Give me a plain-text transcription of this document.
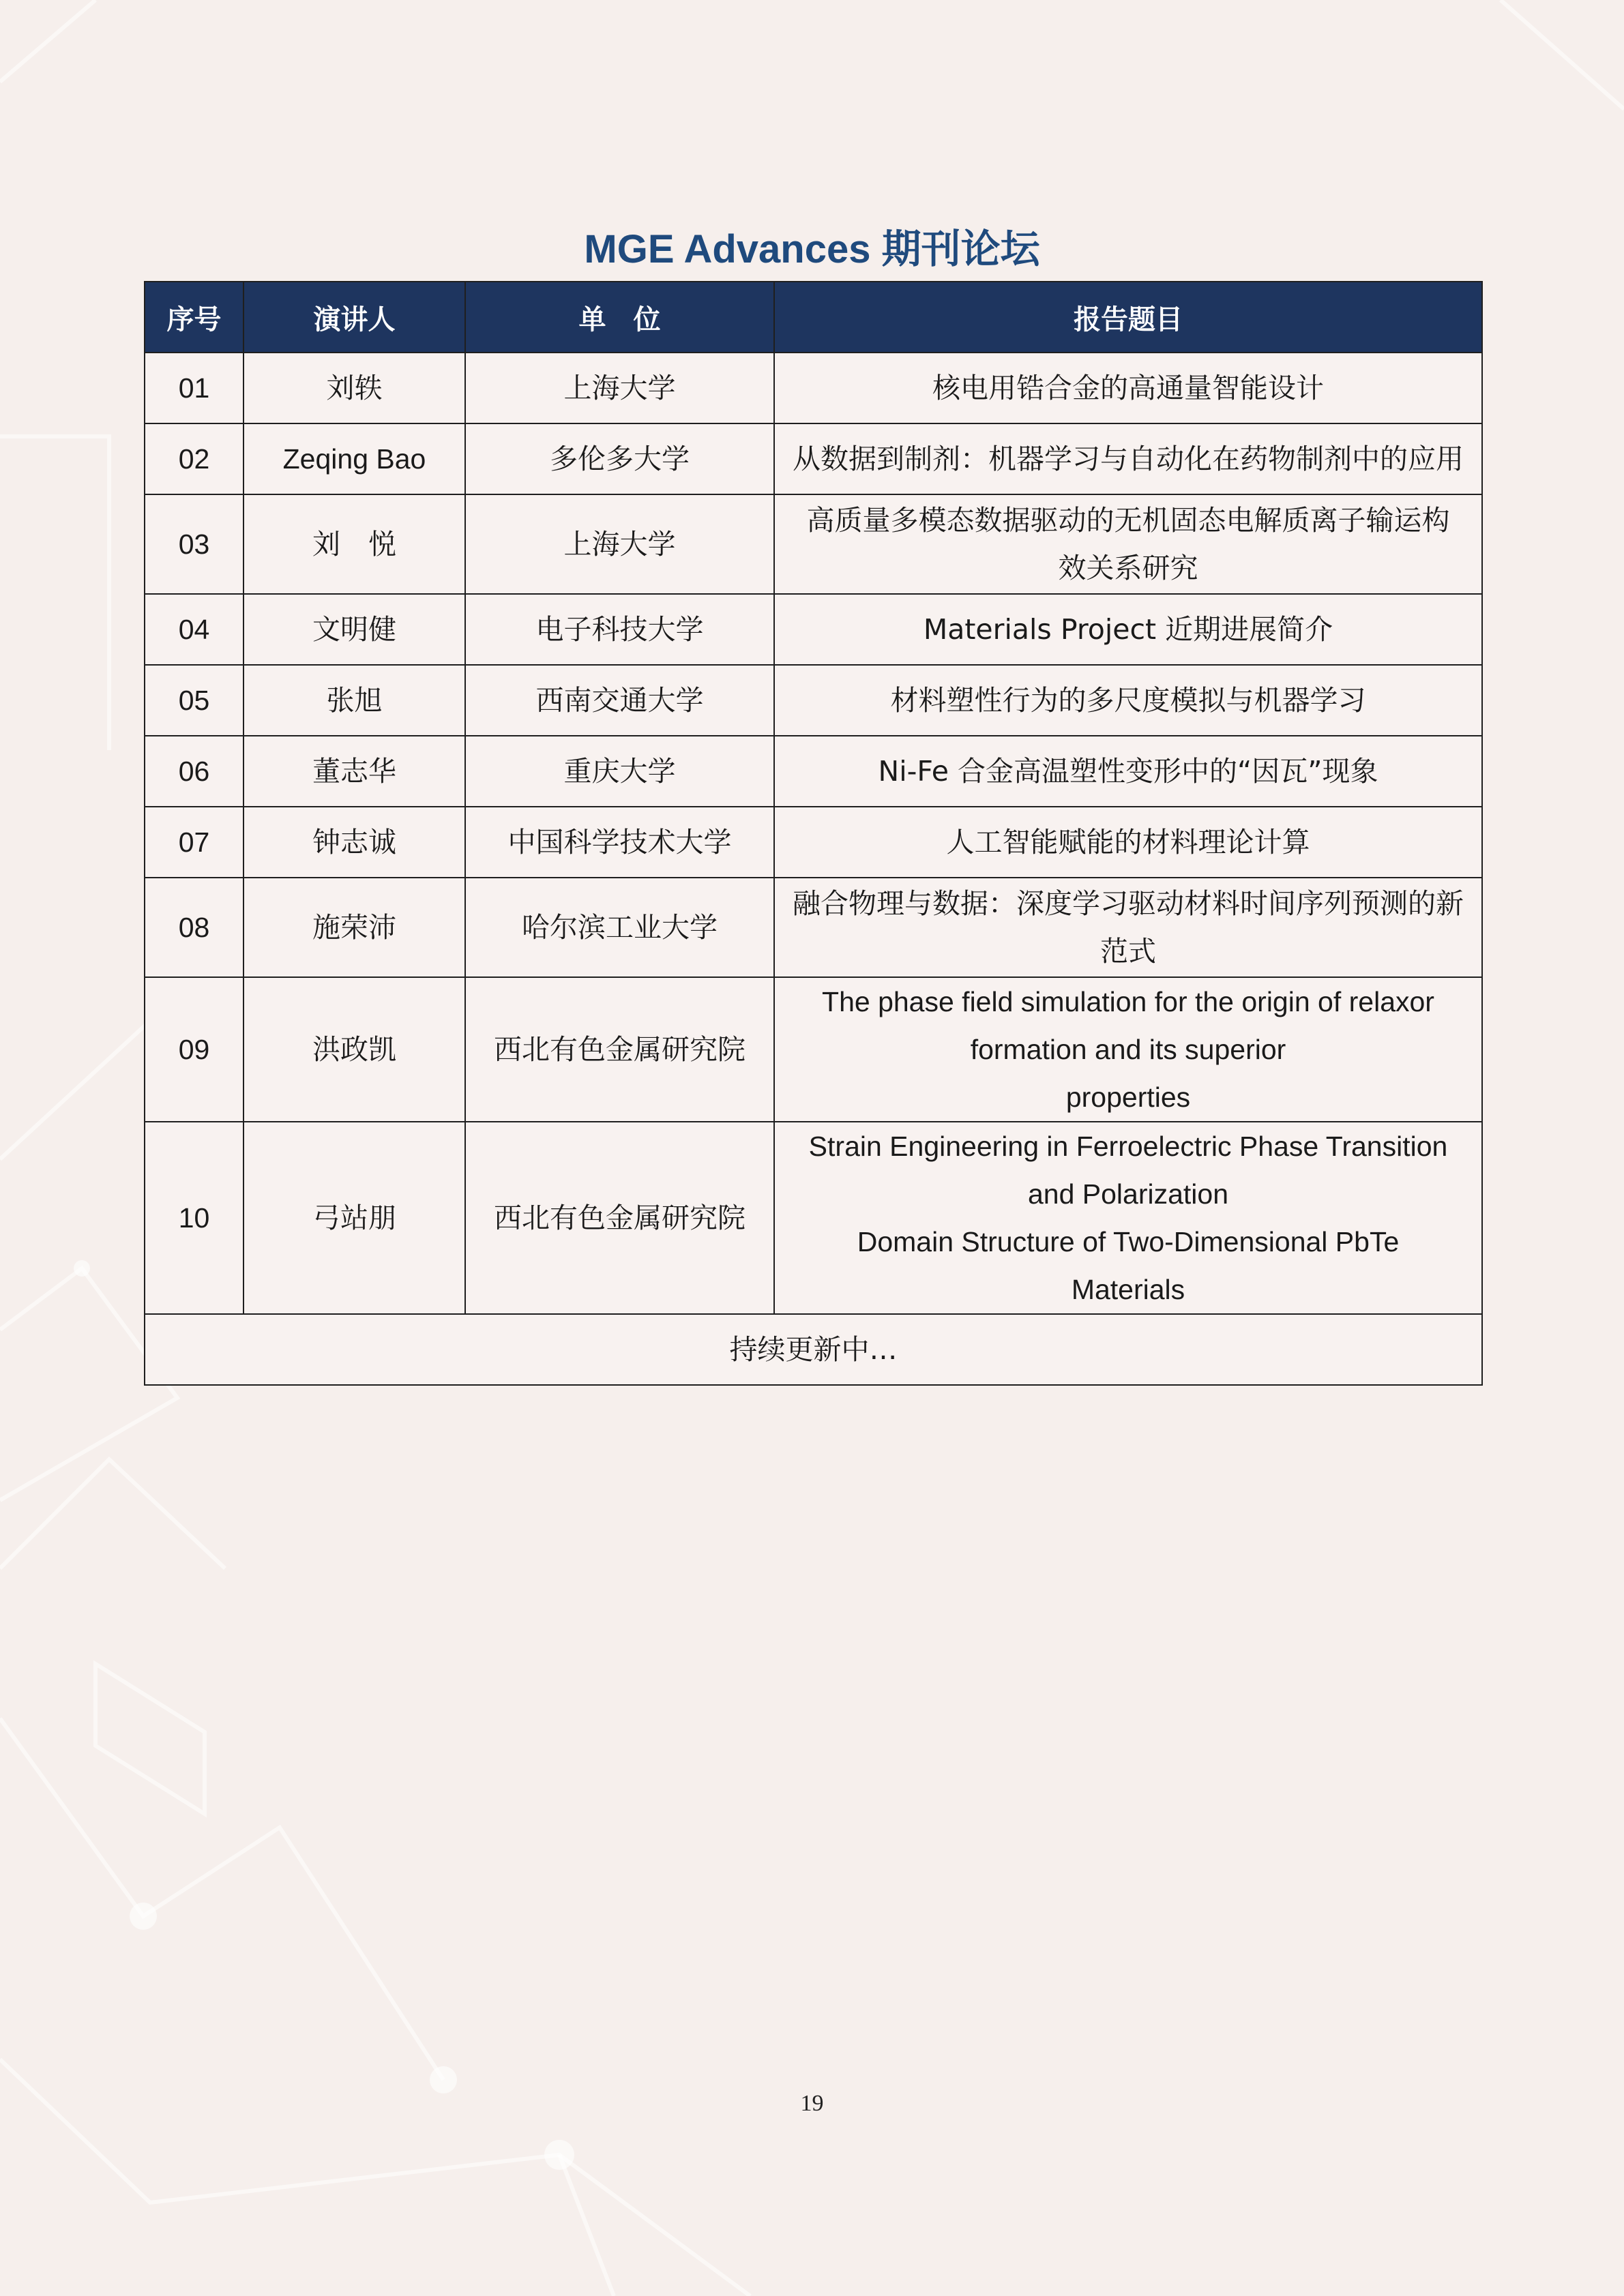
MGE Advances 期刊论坛
序号	演讲人	单　位	报告题目
01	刘轶	上海大学	核电用锆合金的高通量智能设计
02	Zeqing Bao	多伦多大学	从数据到制剂：机器学习与自动化在药物制剂中的应用
03	刘　悦	上海大学	高质量多模态数据驱动的无机固态电解质离子输运构
效关系研究
04	文明健	电子科技大学	Materials Project 近期进展简介
05	张旭	西南交通大学	材料塑性行为的多尺度模拟与机器学习
06	董志华	重庆大学	Ni-Fe 合金高温塑性变形中的“因瓦”现象
07	钟志诚	中国科学技术大学	人工智能赋能的材料理论计算
08	施荣沛	哈尔滨工业大学	融合物理与数据：深度学习驱动材料时间序列预测的新
范式
09	洪政凯	西北有色金属研究院	The phase field simulation for the origin of relaxor
formation and its superior
properties

10	弓站朋	西北有色金属研究院	Strain Engineering in Ferroelectric Phase Transition
and Polarization
Domain Structure of Two-Dimensional PbTe
Materials

持续更新中…			
19
